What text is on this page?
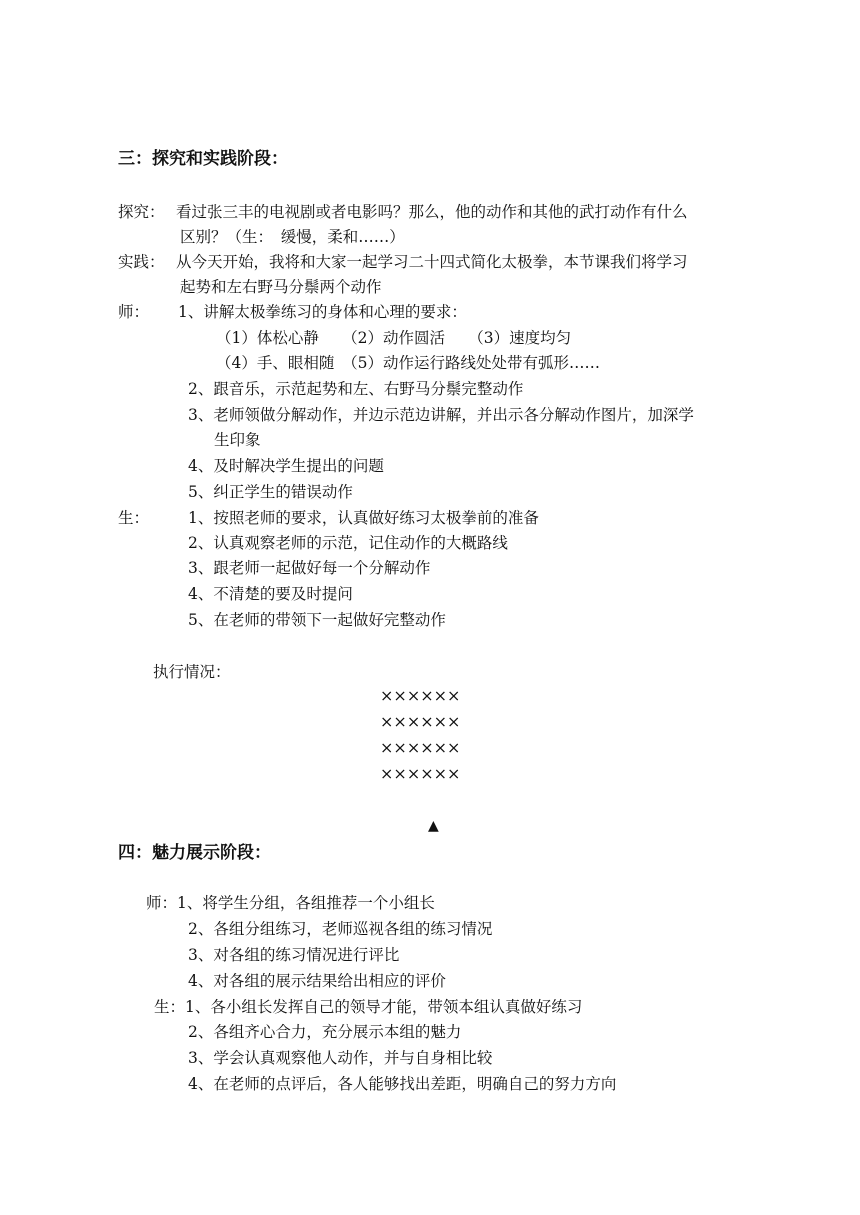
三：探究和实践阶段：
探究： 看过张三丰的电视剧或者电影吗？那么，他的动作和其他的武打动作有什么
区别？（生：　缓慢，柔和……）
实践： 从今天开始，我将和大家一起学习二十四式简化太极拳，本节课我们将学习
起势和左右野马分鬃两个动作
师： 1、讲解太极拳练习的身体和心理的要求：
（1）体松心静　　（2）动作圆活　　（3）速度均匀
（4）手、眼相随　（5）动作运行路线处处带有弧形……
2、跟音乐，示范起势和左、右野马分鬃完整动作
3、老师领做分解动作，并边示范边讲解，并出示各分解动作图片，加深学
生印象
4、及时解决学生提出的问题
5、纠正学生的错误动作
生：	1、按照老师的要求，认真做好练习太极拳前的准备
2、认真观察老师的示范，记住动作的大概路线
3、跟老师一起做好每一个分解动作
4、不清楚的要及时提问
5、在老师的带领下一起做好完整动作
执行情况：
××××××
××××××
××××××
××××××
▲
四：魅力展示阶段：
师：1、将学生分组，各组推荐一个小组长
2、各组分组练习，老师巡视各组的练习情况
3、对各组的练习情况进行评比
4、对各组的展示结果给出相应的评价
生：1、各小组长发挥自己的领导才能，带领本组认真做好练习
2、各组齐心合力，充分展示本组的魅力
3、学会认真观察他人动作，并与自身相比较
4、在老师的点评后，各人能够找出差距，明确自己的努力方向
